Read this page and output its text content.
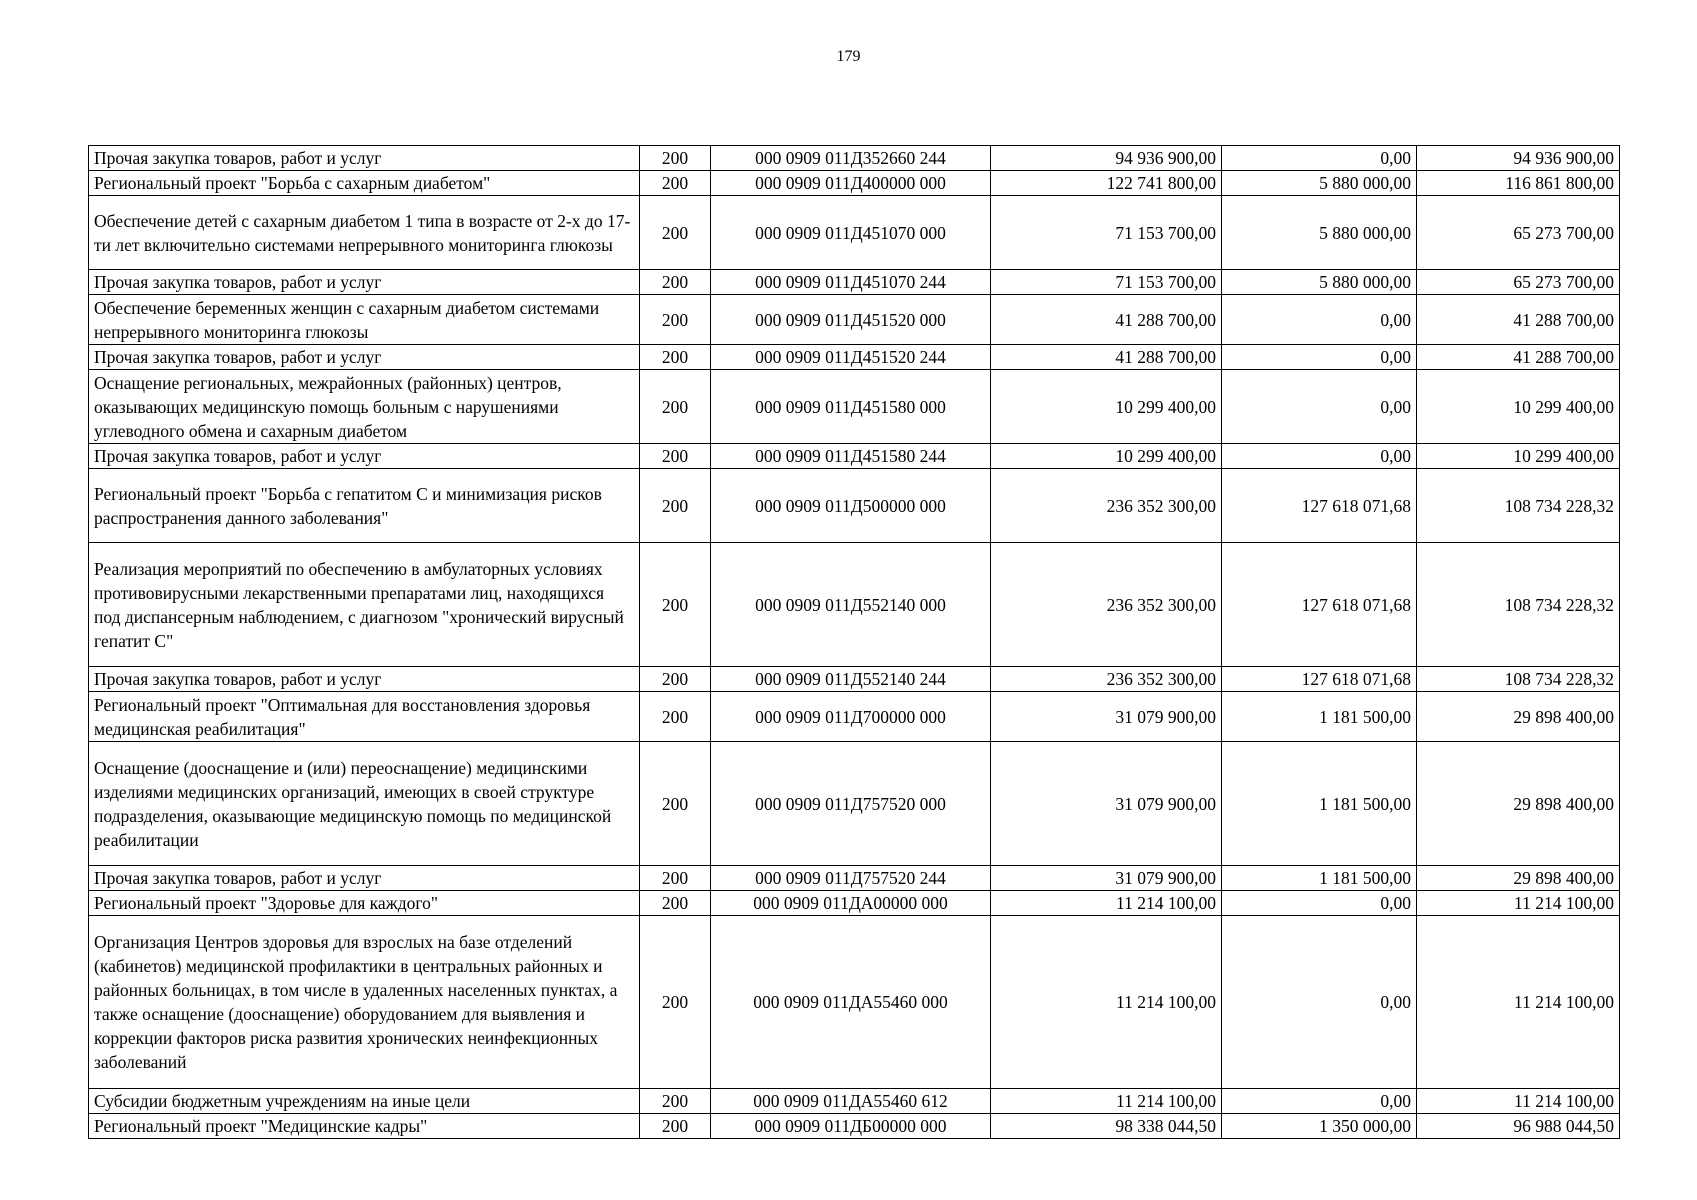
179
Прочая закупка товаров, работ и услуг	200	000 0909 011Д352660 244	94 936 900,00	0,00	94 936 900,00
Региональный проект "Борьба с сахарным диабетом"	200	000 0909 011Д400000 000	122 741 800,00	5 880 000,00	116 861 800,00
Обеспечение детей с сахарным диабетом 1 типа в возрасте от 2-х до 17-ти лет включительно системами непрерывного мониторинга глюкозы	200	000 0909 011Д451070 000	71 153 700,00	5 880 000,00	65 273 700,00
Прочая закупка товаров, работ и услуг	200	000 0909 011Д451070 244	71 153 700,00	5 880 000,00	65 273 700,00
Обеспечение беременных женщин с сахарным диабетом системами непрерывного мониторинга глюкозы	200	000 0909 011Д451520 000	41 288 700,00	0,00	41 288 700,00
Прочая закупка товаров, работ и услуг	200	000 0909 011Д451520 244	41 288 700,00	0,00	41 288 700,00
Оснащение региональных, межрайонных (районных) центров, оказывающих медицинскую помощь больным с нарушениями углеводного обмена и сахарным диабетом	200	000 0909 011Д451580 000	10 299 400,00	0,00	10 299 400,00
Прочая закупка товаров, работ и услуг	200	000 0909 011Д451580 244	10 299 400,00	0,00	10 299 400,00
Региональный проект "Борьба с гепатитом С и минимизация рисков распространения данного заболевания"	200	000 0909 011Д500000 000	236 352 300,00	127 618 071,68	108 734 228,32
Реализация мероприятий по обеспечению в амбулаторных условиях противовирусными лекарственными препаратами лиц, находящихся под диспансерным наблюдением, с диагнозом "хронический вирусный гепатит С"	200	000 0909 011Д552140 000	236 352 300,00	127 618 071,68	108 734 228,32
Прочая закупка товаров, работ и услуг	200	000 0909 011Д552140 244	236 352 300,00	127 618 071,68	108 734 228,32
Региональный проект "Оптимальная для восстановления здоровья медицинская реабилитация"	200	000 0909 011Д700000 000	31 079 900,00	1 181 500,00	29 898 400,00
Оснащение (дооснащение и (или) переоснащение) медицинскими изделиями медицинских организаций, имеющих в своей структуре подразделения, оказывающие медицинскую помощь по медицинской реабилитации	200	000 0909 011Д757520 000	31 079 900,00	1 181 500,00	29 898 400,00
Прочая закупка товаров, работ и услуг	200	000 0909 011Д757520 244	31 079 900,00	1 181 500,00	29 898 400,00
Региональный проект "Здоровье для каждого"	200	000 0909 011ДА00000 000	11 214 100,00	0,00	11 214 100,00
Организация Центров здоровья для взрослых на базе отделений (кабинетов) медицинской профилактики в центральных районных и районных больницах, в том числе в удаленных населенных пунктах, а также оснащение (дооснащение) оборудованием для выявления и коррекции факторов риска развития хронических неинфекционных заболеваний	200	000 0909 011ДА55460 000	11 214 100,00	0,00	11 214 100,00
Субсидии бюджетным учреждениям на иные цели	200	000 0909 011ДА55460 612	11 214 100,00	0,00	11 214 100,00
Региональный проект "Медицинские кадры"	200	000 0909 011ДБ00000 000	98 338 044,50	1 350 000,00	96 988 044,50
